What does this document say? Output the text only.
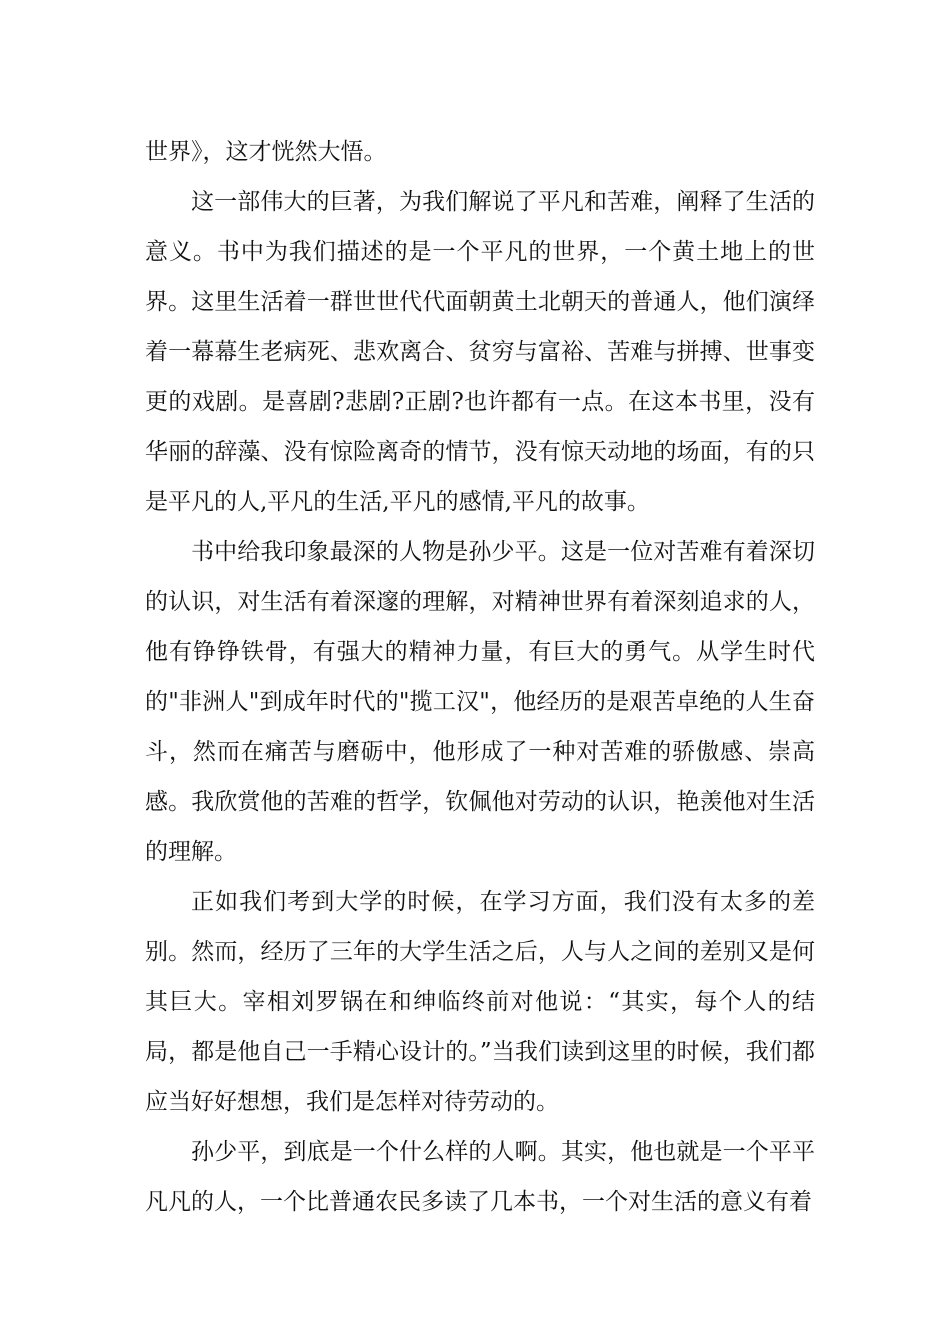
世界》，这才恍然大悟。

这一部伟大的巨著，为我们解说了平凡和苦难，阐释了生活的意义。书中为我们描述的是一个平凡的世界，一个黄土地上的世界。这里生活着一群世世代代面朝黄土北朝天的普通人，他们演绎着一幕幕生老病死、悲欢离合、贫穷与富裕、苦难与拼搏、世事变更的戏剧。是喜剧?悲剧?正剧?也许都有一点。在这本书里，没有华丽的辞藻、没有惊险离奇的情节，没有惊天动地的场面，有的只是平凡的人,平凡的生活,平凡的感情,平凡的故事。

书中给我印象最深的人物是孙少平。这是一位对苦难有着深切的认识，对生活有着深邃的理解，对精神世界有着深刻追求的人，他有铮铮铁骨，有强大的精神力量，有巨大的勇气。从学生时代的"非洲人"到成年时代的"揽工汉"，他经历的是艰苦卓绝的人生奋斗，然而在痛苦与磨砺中，他形成了一种对苦难的骄傲感、崇高感。我欣赏他的苦难的哲学，钦佩他对劳动的认识，艳羡他对生活的理解。

正如我们考到大学的时候，在学习方面，我们没有太多的差别。然而，经历了三年的大学生活之后，人与人之间的差别又是何其巨大。宰相刘罗锅在和绅临终前对他说：“其实，每个人的结局，都是他自己一手精心设计的。”当我们读到这里的时候，我们都应当好好想想，我们是怎样对待劳动的。

孙少平，到底是一个什么样的人啊。其实，他也就是一个平平凡凡的人，一个比普通农民多读了几本书，一个对生活的意义有着
